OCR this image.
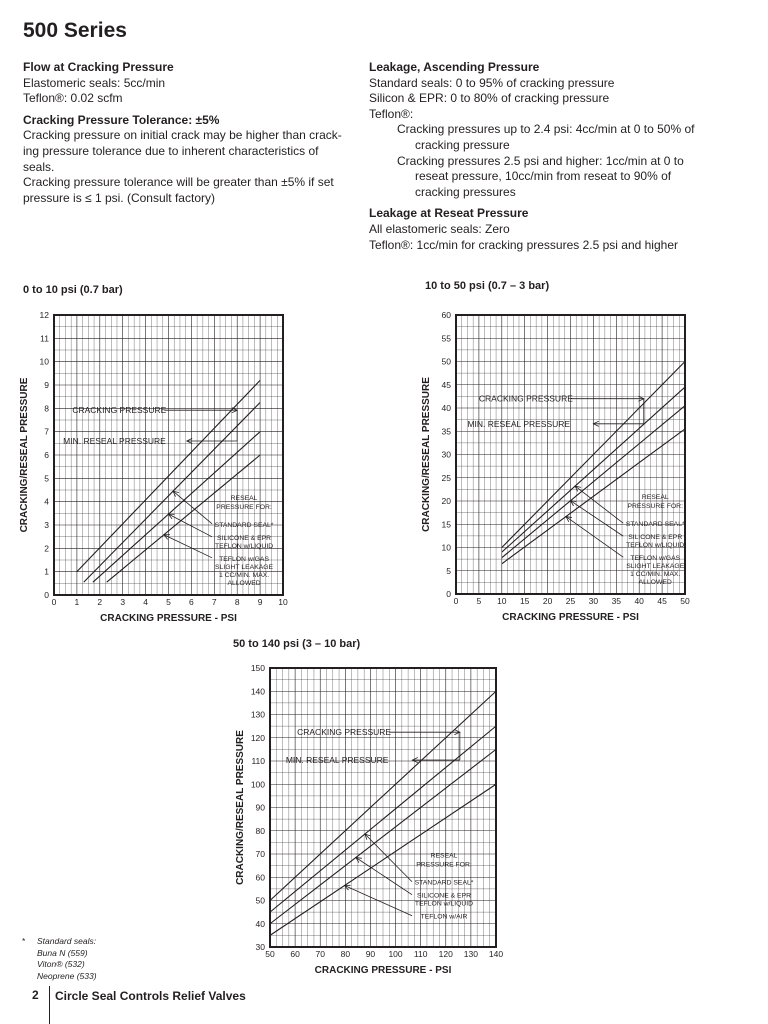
500 Series
Flow at Cracking Pressure

Elastomeric seals: 5cc/min

Teflon®: 0.02 scfm

Cracking Pressure Tolerance: ±5%

Cracking pressure on initial crack may be higher than crack-

ing pressure tolerance due to inherent characteristics of seals.

Cracking pressure tolerance will be greater than ±5% if set

pressure is ≤ 1 psi. (Consult factory)

Leakage, Ascending Pressure

Standard seals: 0 to 95% of cracking pressure

Silicon & EPR: 0 to 80% of cracking pressure

Teflon®:

Cracking pressures up to 2.4 psi: 4cc/min at 0 to 50% of cracking pressure

Cracking pressures 2.5 psi and higher: 1cc/min at 0 to reseat pressure, 10cc/min from reseat to 90% of cracking pressures

Leakage at Reseat Pressure

All elastomeric seals: Zero

Teflon®: 1cc/min for cracking pressures 2.5 psi and higher

0 to 10 psi (0.7 bar)
0 1 2 3 4 5 6 7 8 9 10
0
1
2
3
4
5
6
7
8
9
10
11
12
CRACKING PRESSURE - PSI
CRACKING/RESEAL PRESSURE	CRACKING PRESSURE
MIN. RESEAL PRESSURE
RESEAL
PRESSURE FOR:
STANDARD SEAL*
SILICONE & EPR
TEFLON w/LIQUID
TEFLON w/GAS
SLIGHT LEAKAGE
1 CC/MIN. MAX.
ALLOWED
10 to 50 psi (0.7 – 3 bar)
0 5 10 15 20 25 30 35 40 45 50
0
5
10
15
20
25
30
35
40
45
50
55
60
CRACKING PRESSURE - PSI
CRACKING/RESEAL PRESSURE	CRACKING PRESSURE
MIN. RESEAL PRESSURE
RESEAL
PRESSURE FOR:
STANDARD SEAL*
SILICONE & EPR
TEFLON w/LIQUID
TEFLON w/GAS
SLIGHT LEAKAGE
1 CC/MIN. MAX.
ALLOWED
50 to 140 psi (3 – 10 bar)
50 60 70 80 90 100 110 120 130 140
30
40
50
60
70
80
90
100
110
120
130
140
150
CRACKING PRESSURE - PSI
CRACKING/RESEAL PRESSURE	CRACKING PRESSURE
MIN. RESEAL PRESSURE
RESEAL
PRESSURE FOR:
STANDARD SEAL*
SILICONE & EPR
TEFLON w/LIQUID
TEFLON w/AIR
*	Standard seals:
Buna N (559)
Viton® (532)
Neoprene (533)
2 Circle Seal Controls Relief Valves
